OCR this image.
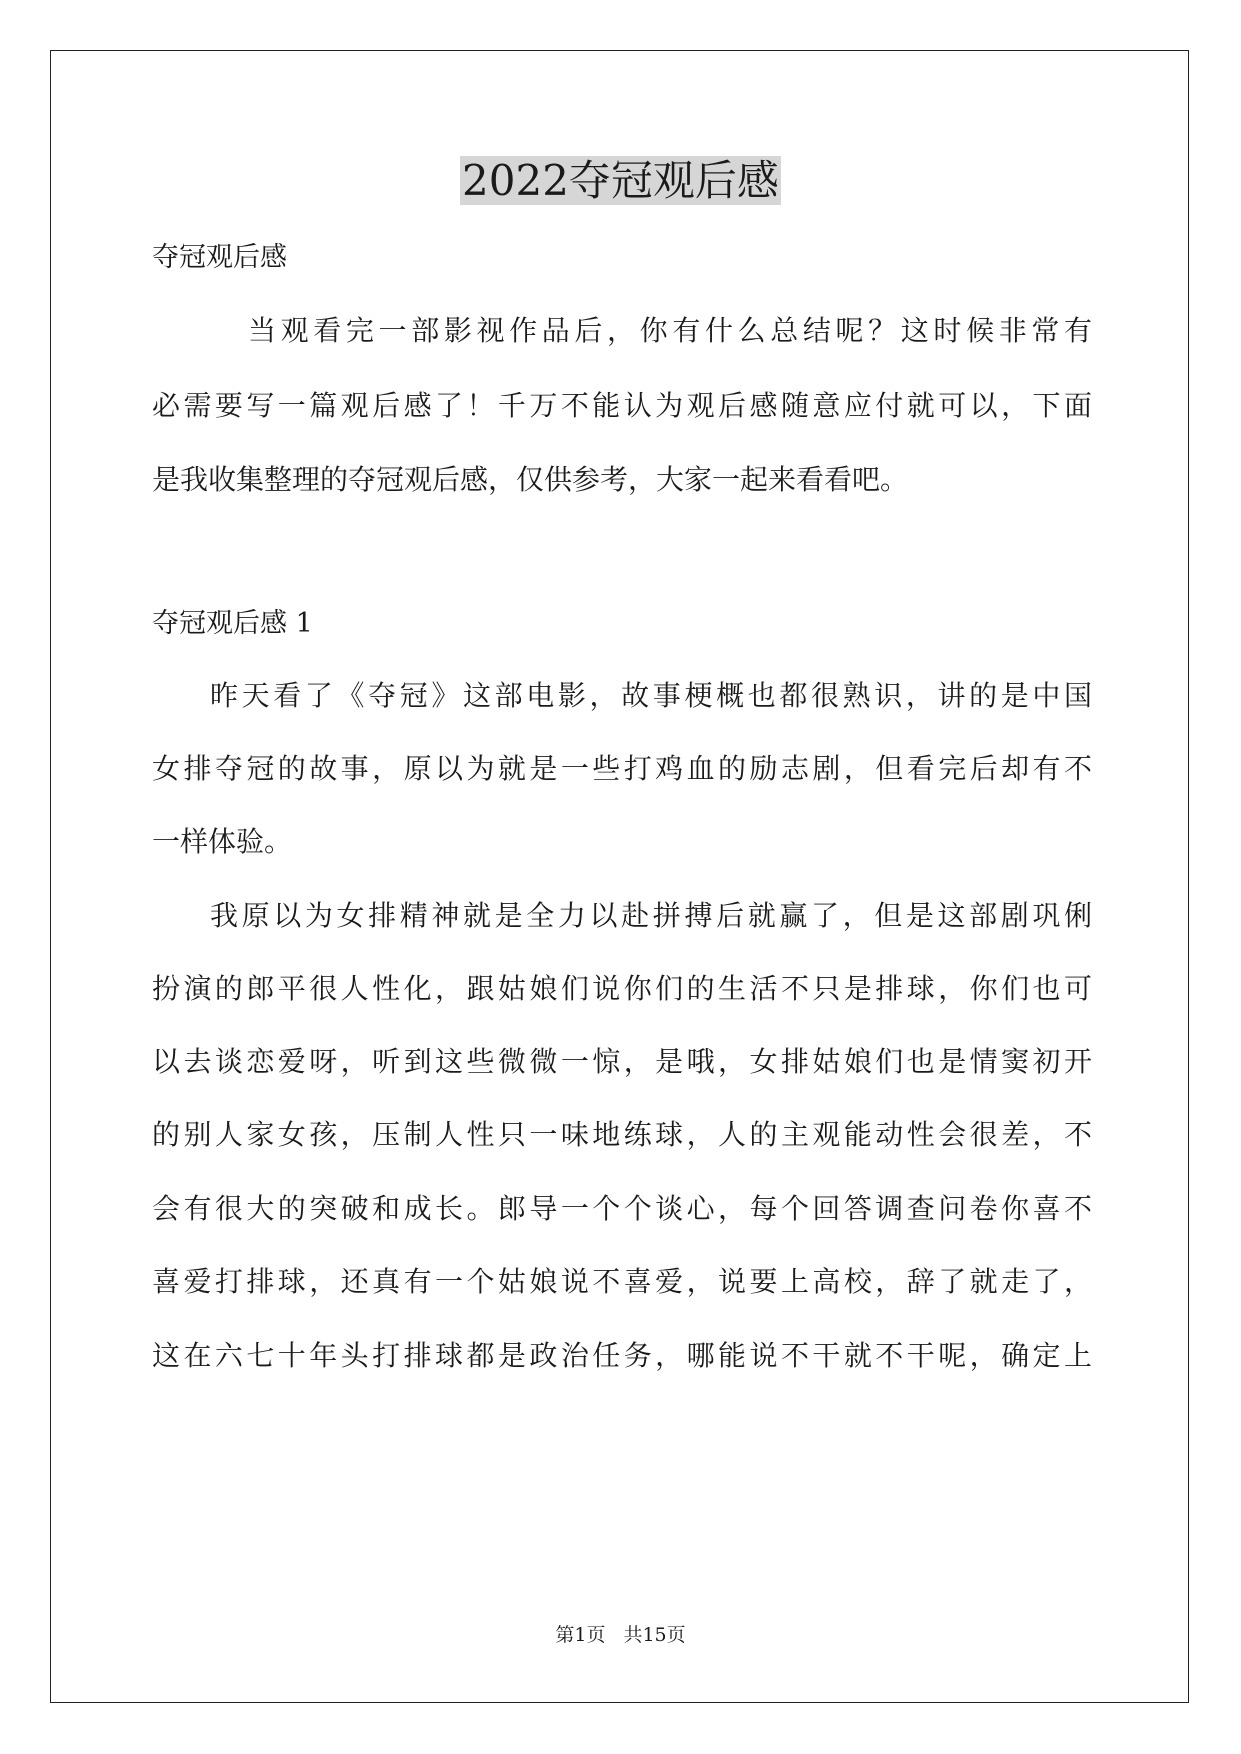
2022夺冠观后感
夺冠观后感

当观看完一部影视作品后，你有什么总结呢？这时候非常有

必需要写一篇观后感了！千万不能认为观后感随意应付就可以，下面

是我收集整理的夺冠观后感，仅供参考，大家一起来看看吧。

夺冠观后感 1

昨天看了《夺冠》这部电影，故事梗概也都很熟识，讲的是中国

女排夺冠的故事，原以为就是一些打鸡血的励志剧，但看完后却有不

一样体验。

我原以为女排精神就是全力以赴拼搏后就赢了，但是这部剧巩俐

扮演的郎平很人性化，跟姑娘们说你们的生活不只是排球，你们也可

以去谈恋爱呀，听到这些微微一惊，是哦，女排姑娘们也是情窦初开

的别人家女孩，压制人性只一味地练球，人的主观能动性会很差，不

会有很大的突破和成长。郎导一个个谈心，每个回答调查问卷你喜不

喜爱打排球，还真有一个姑娘说不喜爱，说要上高校，辞了就走了，

这在六七十年头打排球都是政治任务，哪能说不干就不干呢，确定上

第1页 共15页
